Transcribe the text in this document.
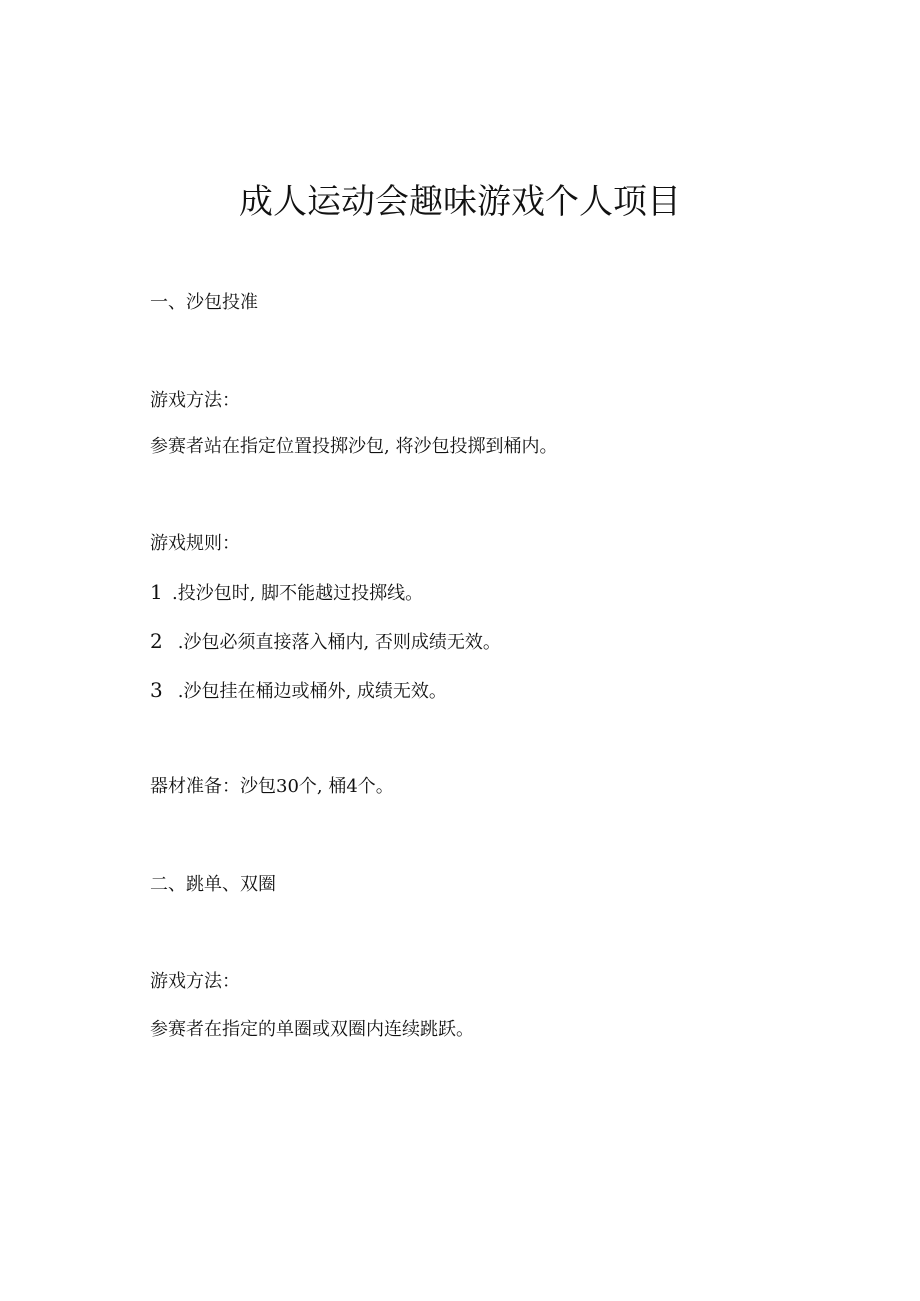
成人运动会趣味游戏个人项目

一、沙包投准

游戏方法：

参赛者站在指定位置投掷沙包, 将沙包投掷到桶内。

游戏规则：

1 .投沙包时, 脚不能越过投掷线。

2 .沙包必须直接落入桶内, 否则成绩无效。

3 .沙包挂在桶边或桶外, 成绩无效。

器材准备：沙包30个, 桶4个。

二、跳单、双圈

游戏方法：

参赛者在指定的单圈或双圈内连续跳跃。
